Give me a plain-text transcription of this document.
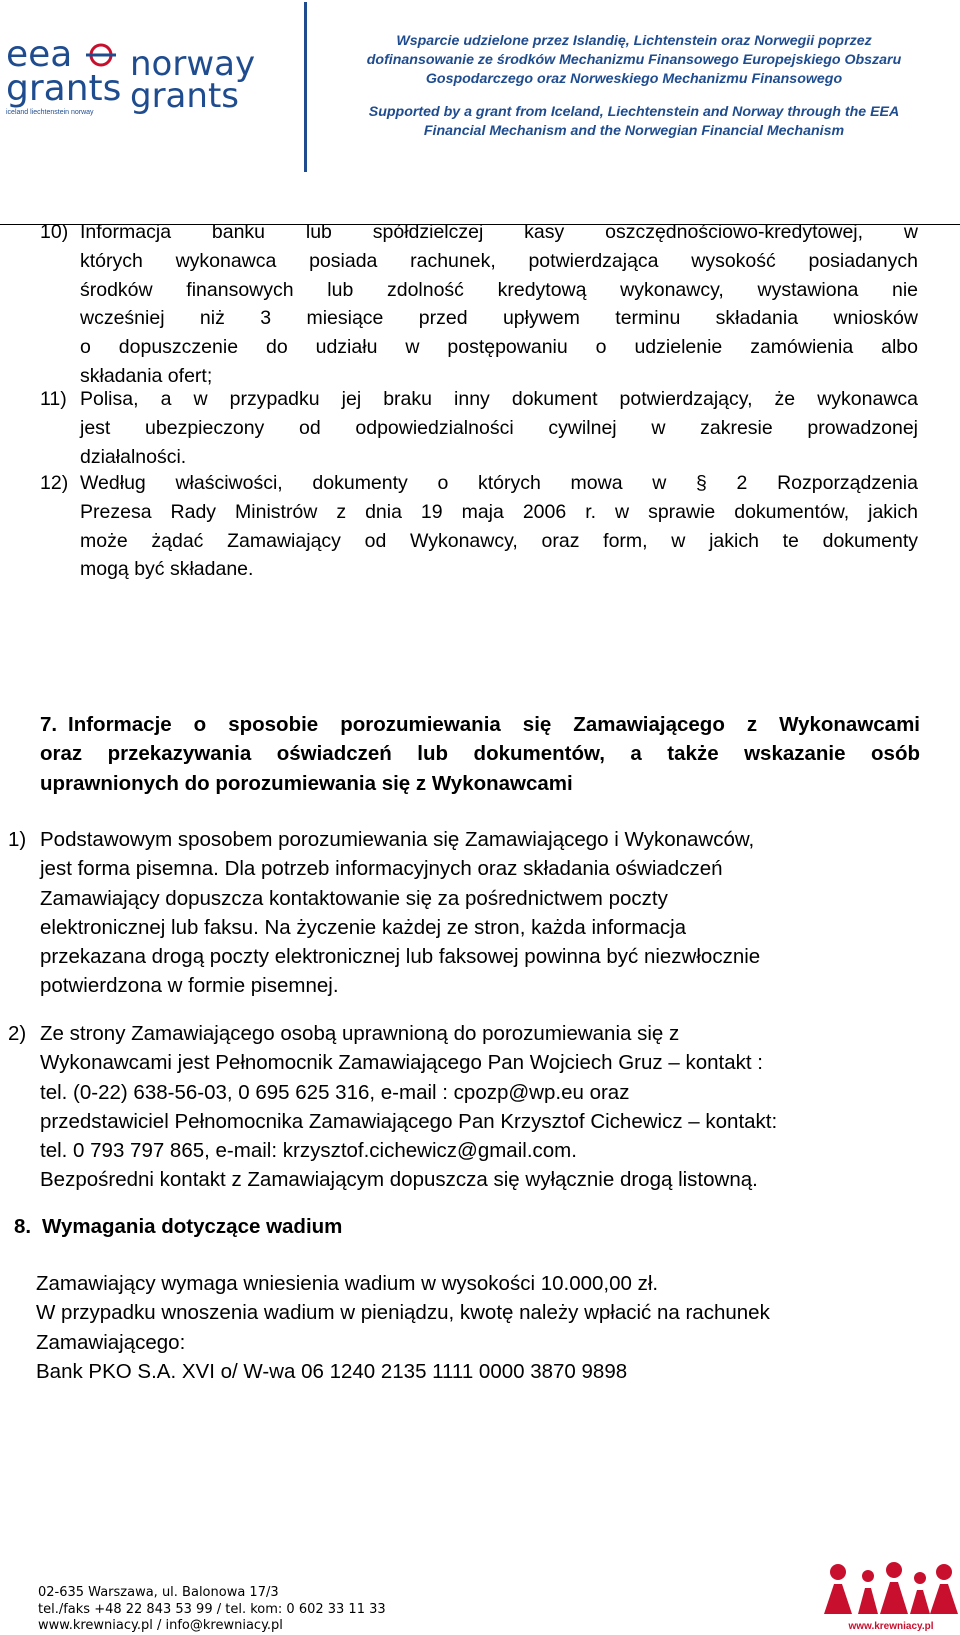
eea
grants
iceland liechtenstein norway
norway
grants
Wsparcie udzielone przez Islandię, Lichtenstein oraz Norwegii poprzez
dofinansowanie ze środków Mechanizmu Finansowego Europejskiego Obszaru
Gospodarczego oraz Norweskiego Mechanizmu Finansowego
Supported by a grant from Iceland, Liechtenstein and Norway through the EEA
Financial Mechanism and the Norwegian Financial Mechanism
10) Informacja banku lub spółdzielczej kasy oszczędnościowo-kredytowej, w
których wykonawca posiada rachunek, potwierdzająca wysokość posiadanych
środków finansowych lub zdolność kredytową wykonawcy, wystawiona nie
wcześniej niż 3 miesiące przed upływem terminu składania wniosków
o dopuszczenie do udziału w postępowaniu o udzielenie zamówienia albo
składania ofert;
11) Polisa, a w przypadku jej braku inny dokument potwierdzający, że wykonawca
jest ubezpieczony od odpowiedzialności cywilnej w zakresie prowadzonej
działalności.
12) Według właściwości, dokumenty o których mowa w § 2 Rozporządzenia
Prezesa Rady Ministrów z dnia 19 maja 2006 r. w sprawie dokumentów, jakich
może żądać Zamawiający od Wykonawcy, oraz form, w jakich te dokumenty
mogą być składane.
7. Informacje o sposobie porozumiewania się Zamawiającego z Wykonawcami
oraz przekazywania oświadczeń lub dokumentów, a także wskazanie osób
uprawnionych do porozumiewania się z Wykonawcami
1) Podstawowym sposobem porozumiewania się Zamawiającego i Wykonawców,
jest forma pisemna. Dla potrzeb informacyjnych oraz składania oświadczeń
Zamawiający dopuszcza kontaktowanie się za pośrednictwem poczty
elektronicznej lub faksu. Na życzenie każdej ze stron, każda informacja
przekazana drogą poczty elektronicznej lub faksowej powinna być niezwłocznie
potwierdzona w formie pisemnej.
2) Ze strony Zamawiającego osobą uprawnioną do porozumiewania się z
Wykonawcami jest Pełnomocnik Zamawiającego Pan Wojciech Gruz – kontakt :
tel. (0-22) 638-56-03, 0 695 625 316, e-mail : cpozp@wp.eu oraz
przedstawiciel Pełnomocnika Zamawiającego Pan Krzysztof Cichewicz – kontakt:
tel. 0 793 797 865, e-mail: krzysztof.cichewicz@gmail.com.
Bezpośredni kontakt z Zamawiającym dopuszcza się wyłącznie drogą listowną.
8. Wymagania dotyczące wadium
Zamawiający wymaga wniesienia wadium w wysokości 10.000,00 zł.
W przypadku wnoszenia wadium w pieniądzu, kwotę należy wpłacić na rachunek
Zamawiającego:
Bank PKO S.A. XVI o/ W-wa 06 1240 2135 1111 0000 3870 9898
02-635 Warszawa, ul. Balonowa 17/3
tel./faks +48 22 843 53 99 / tel. kom: 0 602 33 11 33
www.krewniacy.pl / info@krewniacy.pl	www.krewniacy.pl
